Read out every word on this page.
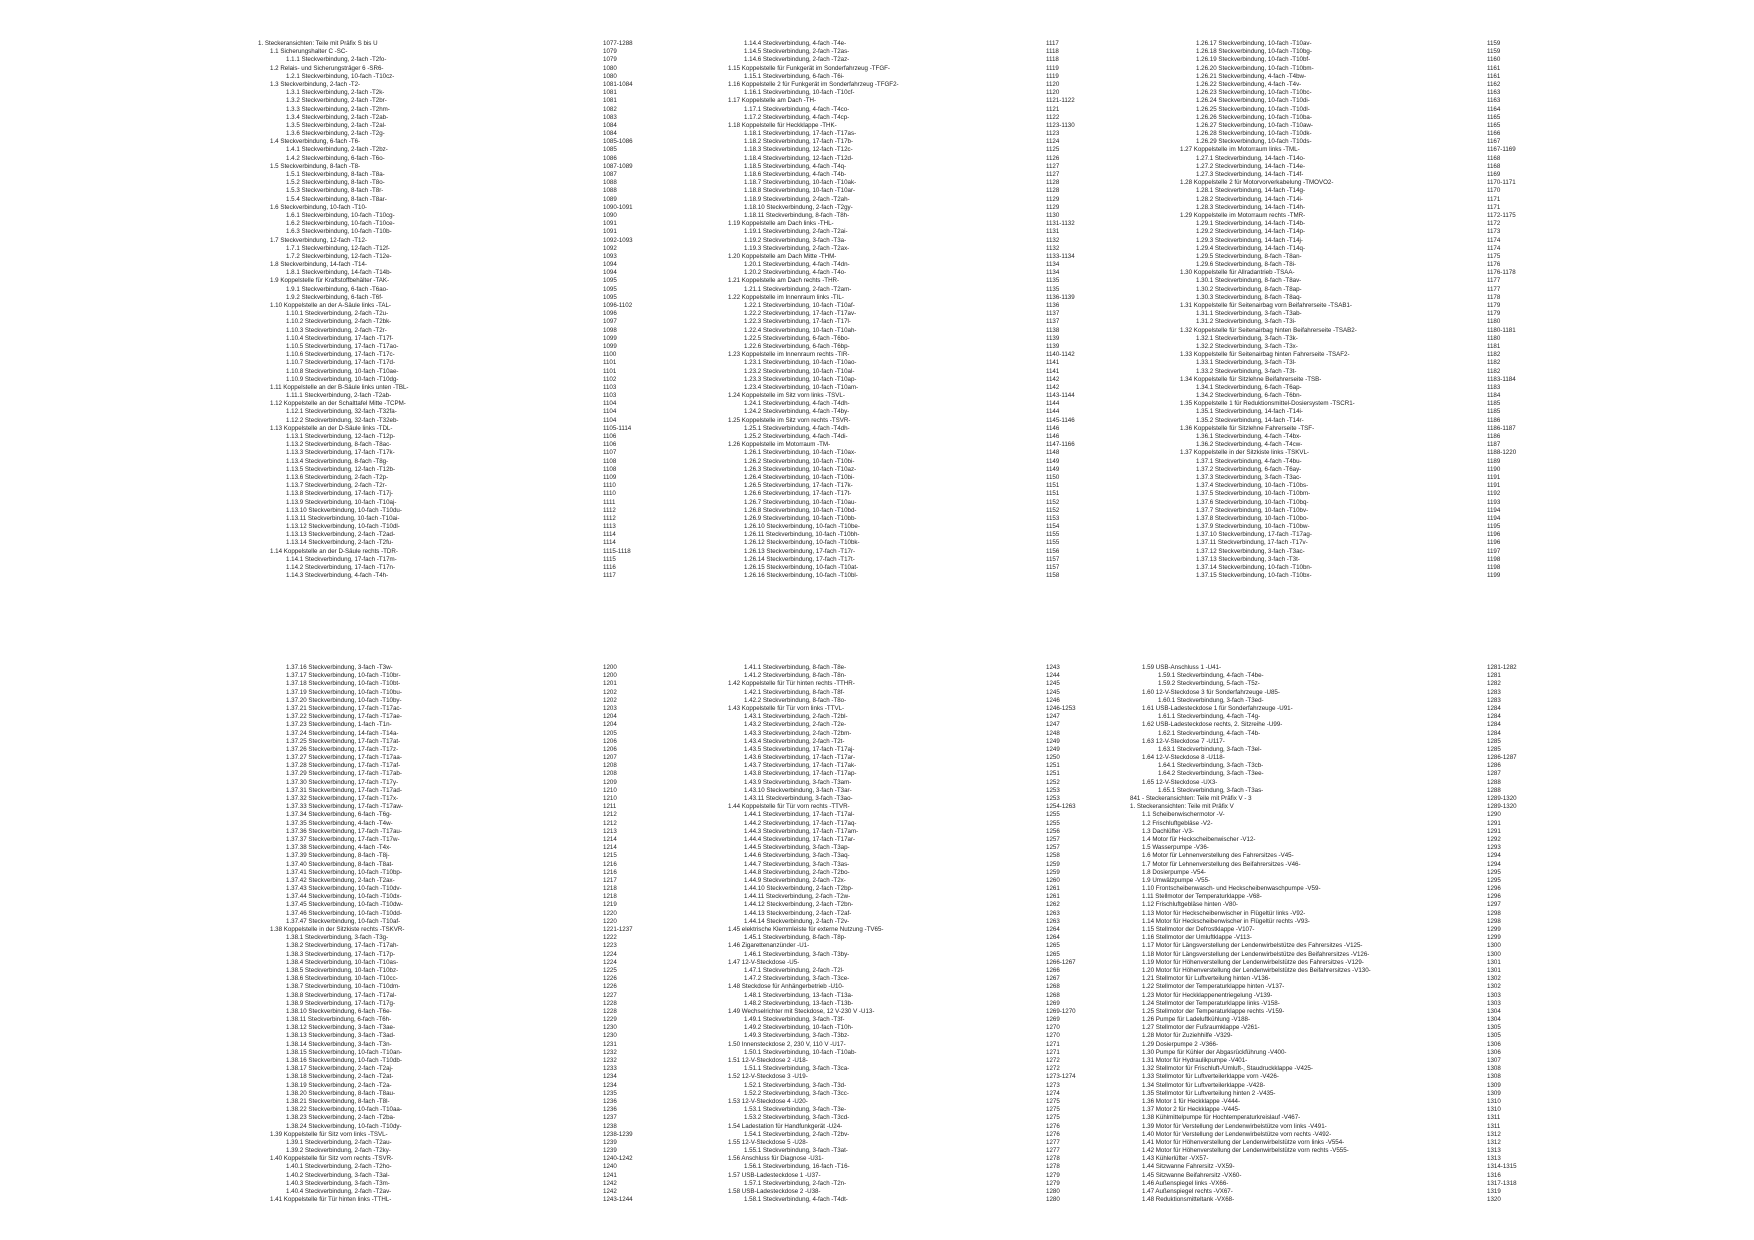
1. Steckeransichten: Teile mit Präfix S bis U	1077-1288
1.1 Sicherungshalter C -SC-	1079
1.1.1 Steckverbindung, 2-fach -T2fo-	1079
1.2 Relais- und Sicherungsträger 6 -SR6-	1080
1.2.1 Steckverbindung, 10-fach -T10cz-	1080
1.3 Steckverbindung, 2-fach -T2-	1081-1084
1.3.1 Steckverbindung, 2-fach -T2k-	1081
1.3.2 Steckverbindung, 2-fach -T2br-	1081
1.3.3 Steckverbindung, 2-fach -T2hm-	1082
1.3.4 Steckverbindung, 2-fach -T2ab-	1083
1.3.5 Steckverbindung, 2-fach -T2al-	1084
1.3.6 Steckverbindung, 2-fach -T2g-	1084
1.4 Steckverbindung, 6-fach -T6-	1085-1086
1.4.1 Steckverbindung, 2-fach -T2bz-	1085
1.4.2 Steckverbindung, 6-fach -T6o-	1086
1.5 Steckverbindung, 8-fach -T8-	1087-1089
1.5.1 Steckverbindung, 8-fach -T8a-	1087
1.5.2 Steckverbindung, 8-fach -T8o-	1088
1.5.3 Steckverbindung, 8-fach -T8r-	1088
1.5.4 Steckverbindung, 8-fach -T8ar-	1089
1.6 Steckverbindung, 10-fach -T10-	1090-1091
1.6.1 Steckverbindung, 10-fach -T10cg-	1090
1.6.2 Steckverbindung, 10-fach -T10ce-	1091
1.6.3 Steckverbindung, 10-fach -T10b-	1091
1.7 Steckverbindung, 12-fach -T12-	1092-1093
1.7.1 Steckverbindung, 12-fach -T12f-	1092
1.7.2 Steckverbindung, 12-fach -T12e-	1093
1.8 Steckverbindung, 14-fach -T14-	1094
1.8.1 Steckverbindung, 14-fach -T14b-	1094
1.9 Koppelstelle für Kraftstoffbehälter -TAK-	1095
1.9.1 Steckverbindung, 6-fach -T6ao-	1095
1.9.2 Steckverbindung, 6-fach -T6f-	1095
1.10 Koppelstelle an der A-Säule links -TAL-	1096-1102
1.10.1 Steckverbindung, 2-fach -T2u-	1096
1.10.2 Steckverbindung, 2-fach -T2bk-	1097
1.10.3 Steckverbindung, 2-fach -T2r-	1098
1.10.4 Steckverbindung, 17-fach -T17f-	1099
1.10.5 Steckverbindung, 17-fach -T17ao-	1099
1.10.6 Steckverbindung, 17-fach -T17c-	1100
1.10.7 Steckverbindung, 17-fach -T17d-	1101
1.10.8 Steckverbindung, 10-fach -T10ae-	1101
1.10.9 Steckverbindung, 10-fach -T10dg-	1102
1.11 Koppelstelle an der B-Säule links unten -TBL-	1103
1.11.1 Steckverbindung, 2-fach -T2ab-	1103
1.12 Koppelstelle an der Schalttafel Mitte -TCPM-	1104
1.12.1 Steckverbindung, 32-fach -T32fa-	1104
1.12.2 Steckverbindung, 32-fach -T32eb-	1104
1.13 Koppelstelle an der D-Säule links -TDL-	1105-1114
1.13.1 Steckverbindung, 12-fach -T12p-	1106
1.13.2 Steckverbindung, 8-fach -T8ac-	1106
1.13.3 Steckverbindung, 17-fach -T17k-	1107
1.13.4 Steckverbindung, 8-fach -T8g-	1108
1.13.5 Steckverbindung, 12-fach -T12b-	1108
1.13.6 Steckverbindung, 2-fach -T2p-	1109
1.13.7 Steckverbindung, 2-fach -T2r-	1110
1.13.8 Steckverbindung, 17-fach -T17j-	1110
1.13.9 Steckverbindung, 10-fach -T10aj-	1111
1.13.10 Steckverbindung, 10-fach -T10du-	1112
1.13.11 Steckverbindung, 10-fach -T10ai-	1112
1.13.12 Steckverbindung, 10-fach -T10dl-	1113
1.13.13 Steckverbindung, 2-fach -T2ad-	1114
1.13.14 Steckverbindung, 2-fach -T2fu-	1114
1.14 Koppelstelle an der D-Säule rechts -TDR-	1115-1118
1.14.1 Steckverbindung, 17-fach -T17m-	1115
1.14.2 Steckverbindung, 17-fach -T17n-	1116
1.14.3 Steckverbindung, 4-fach -T4h-	1117
1.14.4 Steckverbindung, 4-fach -T4e-	1117
1.14.5 Steckverbindung, 2-fach -T2as-	1118
1.14.6 Steckverbindung, 2-fach -T2az-	1118
1.15 Koppelstelle für Funkgerät im Sonderfahrzeug -TFGF-	1119
1.15.1 Steckverbindung, 6-fach -T6i-	1119
1.16 Koppelstelle 2 für Funkgerät im Sonderfahrzeug -TFGF2-	1120
1.16.1 Steckverbindung, 10-fach -T10cf-	1120
1.17 Koppelstelle am Dach -TH-	1121-1122
1.17.1 Steckverbindung, 4-fach -T4co-	1121
1.17.2 Steckverbindung, 4-fach -T4cp-	1122
1.18 Koppelstelle für Heckklappe -THK-	1123-1130
1.18.1 Steckverbindung, 17-fach -T17as-	1123
1.18.2 Steckverbindung, 17-fach -T17b-	1124
1.18.3 Steckverbindung, 12-fach -T12c-	1125
1.18.4 Steckverbindung, 12-fach -T12d-	1126
1.18.5 Steckverbindung, 4-fach -T4q-	1127
1.18.6 Steckverbindung, 4-fach -T4b-	1127
1.18.7 Steckverbindung, 10-fach -T10ak-	1128
1.18.8 Steckverbindung, 10-fach -T10ar-	1128
1.18.9 Steckverbindung, 2-fach -T2ah-	1129
1.18.10 Steckverbindung, 2-fach -T2gy-	1129
1.18.11 Steckverbindung, 8-fach -T8h-	1130
1.19 Koppelstelle am Dach links -THL-	1131-1132
1.19.1 Steckverbindung, 2-fach -T2ai-	1131
1.19.2 Steckverbindung, 3-fach -T3a-	1132
1.19.3 Steckverbindung, 2-fach -T2ax-	1132
1.20 Koppelstelle am Dach Mitte -THM-	1133-1134
1.20.1 Steckverbindung, 4-fach -T4dn-	1134
1.20.2 Steckverbindung, 4-fach -T4o-	1134
1.21 Koppelstelle am Dach rechts -THR-	1135
1.21.1 Steckverbindung, 2-fach -T2am-	1135
1.22 Koppelstelle im Innenraum links -TIL-	1136-1139
1.22.1 Steckverbindung, 10-fach -T10af-	1136
1.22.2 Steckverbindung, 17-fach -T17av-	1137
1.22.3 Steckverbindung, 17-fach -T17l-	1137
1.22.4 Steckverbindung, 10-fach -T10ah-	1138
1.22.5 Steckverbindung, 6-fach -T6bo-	1139
1.22.6 Steckverbindung, 6-fach -T6bp-	1139
1.23 Koppelstelle im Innenraum rechts -TIR-	1140-1142
1.23.1 Steckverbindung, 10-fach -T10ao-	1141
1.23.2 Steckverbindung, 10-fach -T10al-	1141
1.23.3 Steckverbindung, 10-fach -T10ap-	1142
1.23.4 Steckverbindung, 10-fach -T10am-	1142
1.24 Koppelstelle im Sitz vorn links -TSVL-	1143-1144
1.24.1 Steckverbindung, 4-fach -T4dh-	1144
1.24.2 Steckverbindung, 4-fach -T4by-	1144
1.25 Koppelstelle im Sitz vorn rechts -TSVR-	1145-1146
1.25.1 Steckverbindung, 4-fach -T4dh-	1146
1.25.2 Steckverbindung, 4-fach -T4di-	1146
1.26 Koppelstelle im Motorraum -TM-	1147-1166
1.26.1 Steckverbindung, 10-fach -T10ax-	1148
1.26.2 Steckverbindung, 10-fach -T10bi-	1149
1.26.3 Steckverbindung, 10-fach -T10az-	1149
1.26.4 Steckverbindung, 10-fach -T10bi-	1150
1.26.5 Steckverbindung, 17-fach -T17k-	1151
1.26.6 Steckverbindung, 17-fach -T17t-	1151
1.26.7 Steckverbindung, 10-fach -T10au-	1152
1.26.8 Steckverbindung, 10-fach -T10bd-	1152
1.26.9 Steckverbindung, 10-fach -T10bb-	1153
1.26.10 Steckverbindung, 10-fach -T10be-	1154
1.26.11 Steckverbindung, 10-fach -T10bh-	1155
1.26.12 Steckverbindung, 10-fach -T10bk-	1155
1.26.13 Steckverbindung, 17-fach -T17r-	1156
1.26.14 Steckverbindung, 17-fach -T17t-	1157
1.26.15 Steckverbindung, 10-fach -T10at-	1157
1.26.16 Steckverbindung, 10-fach -T10bl-	1158
1.26.17 Steckverbindung, 10-fach -T10av-	1159
1.26.18 Steckverbindung, 10-fach -T10bg-	1159
1.26.19 Steckverbindung, 10-fach -T10bf-	1160
1.26.20 Steckverbindung, 10-fach -T10bm-	1161
1.26.21 Steckverbindung, 4-fach -T4bw-	1161
1.26.22 Steckverbindung, 4-fach -T4v-	1162
1.26.23 Steckverbindung, 10-fach -T10bc-	1163
1.26.24 Steckverbindung, 10-fach -T10di-	1163
1.26.25 Steckverbindung, 10-fach -T10dl-	1164
1.26.26 Steckverbindung, 10-fach -T10ba-	1165
1.26.27 Steckverbindung, 10-fach -T10aw-	1165
1.26.28 Steckverbindung, 10-fach -T10dk-	1166
1.26.29 Steckverbindung, 10-fach -T10ds-	1167
1.27 Koppelstelle im Motorraum links -TML-	1167-1169
1.27.1 Steckverbindung, 14-fach -T14o-	1168
1.27.2 Steckverbindung, 14-fach -T14e-	1168
1.27.3 Steckverbindung, 14-fach -T14f-	1169
1.28 Koppelstelle 2 für Motorvorverkabelung -TMOVO2-	1170-1171
1.28.1 Steckverbindung, 14-fach -T14g-	1170
1.28.2 Steckverbindung, 14-fach -T14i-	1171
1.28.3 Steckverbindung, 14-fach -T14h-	1171
1.29 Koppelstelle im Motorraum rechts -TMR-	1172-1175
1.29.1 Steckverbindung, 14-fach -T14b-	1172
1.29.2 Steckverbindung, 14-fach -T14p-	1173
1.29.3 Steckverbindung, 14-fach -T14j-	1174
1.29.4 Steckverbindung, 14-fach -T14q-	1174
1.29.5 Steckverbindung, 8-fach -T8an-	1175
1.29.6 Steckverbindung, 8-fach -T8i-	1176
1.30 Koppelstelle für Allradantrieb -TSAA-	1176-1178
1.30.1 Steckverbindung, 8-fach -T8av-	1177
1.30.2 Steckverbindung, 8-fach -T8ap-	1177
1.30.3 Steckverbindung, 8-fach -T8aq-	1178
1.31 Koppelstelle für Seitenairbag vorn Beifahrerseite -TSAB1-	1179
1.31.1 Steckverbindung, 3-fach -T3ab-	1179
1.31.2 Steckverbindung, 3-fach -T3i-	1180
1.32 Koppelstelle für Seitenairbag hinten Beifahrerseite -TSAB2-	1180-1181
1.32.1 Steckverbindung, 3-fach -T3k-	1180
1.32.2 Steckverbindung, 3-fach -T3x-	1181
1.33 Koppelstelle für Seitenairbag hinten Fahrerseite -TSAF2-	1182
1.33.1 Steckverbindung, 3-fach -T3l-	1182
1.33.2 Steckverbindung, 3-fach -T3t-	1182
1.34 Koppelstelle für Sitzlehne Beifahrerseite -TSB-	1183-1184
1.34.1 Steckverbindung, 6-fach -T6ap-	1183
1.34.2 Steckverbindung, 6-fach -T6bn-	1184
1.35 Koppelstelle 1 für Reduktionsmittel-Dosiersystem -TSCR1-	1185
1.35.1 Steckverbindung, 14-fach -T14i-	1185
1.35.2 Steckverbindung, 14-fach -T14r-	1186
1.36 Koppelstelle für Sitzlehne Fahrerseite -TSF-	1186-1187
1.36.1 Steckverbindung, 4-fach -T4bx-	1186
1.36.2 Steckverbindung, 4-fach -T4cw-	1187
1.37 Koppelstelle in der Sitzkiste links -TSKVL-	1188-1220
1.37.1 Steckverbindung, 4-fach -T4bu-	1189
1.37.2 Steckverbindung, 6-fach -T6ay-	1190
1.37.3 Steckverbindung, 3-fach -T3ac-	1191
1.37.4 Steckverbindung, 10-fach -T10bs-	1191
1.37.5 Steckverbindung, 10-fach -T10bm-	1192
1.37.6 Steckverbindung, 10-fach -T10bq-	1193
1.37.7 Steckverbindung, 10-fach -T10bv-	1194
1.37.8 Steckverbindung, 10-fach -T10bo-	1194
1.37.9 Steckverbindung, 10-fach -T10bw-	1195
1.37.10 Steckverbindung, 17-fach -T17ag-	1196
1.37.11 Steckverbindung, 17-fach -T17v-	1196
1.37.12 Steckverbindung, 3-fach -T3ac-	1197
1.37.13 Steckverbindung, 3-fach -T3t-	1198
1.37.14 Steckverbindung, 10-fach -T10bn-	1198
1.37.15 Steckverbindung, 10-fach -T10bx-	1199
1.37.16 Steckverbindung, 3-fach -T3w-	1200
1.37.17 Steckverbindung, 10-fach -T10br-	1200
1.37.18 Steckverbindung, 10-fach -T10bt-	1201
1.37.19 Steckverbindung, 10-fach -T10bu-	1202
1.37.20 Steckverbindung, 10-fach -T10by-	1202
1.37.21 Steckverbindung, 17-fach -T17ac-	1203
1.37.22 Steckverbindung, 17-fach -T17ae-	1204
1.37.23 Steckverbindung, 1-fach -T1n-	1204
1.37.24 Steckverbindung, 14-fach -T14a-	1205
1.37.25 Steckverbindung, 17-fach -T17at-	1206
1.37.26 Steckverbindung, 17-fach -T17z-	1206
1.37.27 Steckverbindung, 17-fach -T17aa-	1207
1.37.28 Steckverbindung, 17-fach -T17af-	1208
1.37.29 Steckverbindung, 17-fach -T17ab-	1208
1.37.30 Steckverbindung, 17-fach -T17y-	1209
1.37.31 Steckverbindung, 17-fach -T17ad-	1210
1.37.32 Steckverbindung, 17-fach -T17x-	1210
1.37.33 Steckverbindung, 17-fach -T17aw-	1211
1.37.34 Steckverbindung, 6-fach -T6g-	1212
1.37.35 Steckverbindung, 4-fach -T4w-	1212
1.37.36 Steckverbindung, 17-fach -T17au-	1213
1.37.37 Steckverbindung, 17-fach -T17w-	1214
1.37.38 Steckverbindung, 4-fach -T4x-	1214
1.37.39 Steckverbindung, 8-fach -T8j-	1215
1.37.40 Steckverbindung, 8-fach -T8at-	1216
1.37.41 Steckverbindung, 10-fach -T10bp-	1216
1.37.42 Steckverbindung, 2-fach -T2ax-	1217
1.37.43 Steckverbindung, 10-fach -T10dv-	1218
1.37.44 Steckverbindung, 10-fach -T10dx-	1218
1.37.45 Steckverbindung, 10-fach -T10dw-	1219
1.37.46 Steckverbindung, 10-fach -T10dd-	1220
1.37.47 Steckverbindung, 10-fach -T10af-	1220
1.38 Koppelstelle in der Sitzkiste rechts -TSKVR-	1221-1237
1.38.1 Steckverbindung, 3-fach -T3g-	1222
1.38.2 Steckverbindung, 17-fach -T17ah-	1223
1.38.3 Steckverbindung, 17-fach -T17p-	1224
1.38.4 Steckverbindung, 10-fach -T10as-	1224
1.38.5 Steckverbindung, 10-fach -T10bz-	1225
1.38.6 Steckverbindung, 10-fach -T10cc-	1226
1.38.7 Steckverbindung, 10-fach -T10dm-	1226
1.38.8 Steckverbindung, 17-fach -T17al-	1227
1.38.9 Steckverbindung, 17-fach -T17g-	1228
1.38.10 Steckverbindung, 6-fach -T6e-	1228
1.38.11 Steckverbindung, 6-fach -T6h-	1229
1.38.12 Steckverbindung, 3-fach -T3ae-	1230
1.38.13 Steckverbindung, 3-fach -T3ad-	1230
1.38.14 Steckverbindung, 3-fach -T3n-	1231
1.38.15 Steckverbindung, 10-fach -T10an-	1232
1.38.16 Steckverbindung, 10-fach -T10db-	1232
1.38.17 Steckverbindung, 2-fach -T2aj-	1233
1.38.18 Steckverbindung, 2-fach -T2at-	1234
1.38.19 Steckverbindung, 2-fach -T2a-	1234
1.38.20 Steckverbindung, 8-fach -T8au-	1235
1.38.21 Steckverbindung, 8-fach -T8l-	1236
1.38.22 Steckverbindung, 10-fach -T10aa-	1236
1.38.23 Steckverbindung, 2-fach -T2ba-	1237
1.38.24 Steckverbindung, 10-fach -T10dy-	1238
1.39 Koppelstelle für Sitz vorn links -TSVL-	1238-1239
1.39.1 Steckverbindung, 2-fach -T2au-	1239
1.39.2 Steckverbindung, 2-fach -T2ky-	1239
1.40 Koppelstelle für Sitz vorn rechts -TSVR-	1240-1242
1.40.1 Steckverbindung, 2-fach -T2ho-	1240
1.40.2 Steckverbindung, 3-fach -T3al-	1241
1.40.3 Steckverbindung, 3-fach -T3m-	1242
1.40.4 Steckverbindung, 2-fach -T2av-	1242
1.41 Koppelstelle für Tür hinten links -TTHL-	1243-1244
1.41.1 Steckverbindung, 8-fach -T8e-	1243
1.41.2 Steckverbindung, 8-fach -T8n-	1244
1.42 Koppelstelle für Tür hinten rechts -TTHR-	1245
1.42.1 Steckverbindung, 8-fach -T8f-	1245
1.42.2 Steckverbindung, 8-fach -T8o-	1246
1.43 Koppelstelle für Tür vorn links -TTVL-	1246-1253
1.43.1 Steckverbindung, 2-fach -T2bl-	1247
1.43.2 Steckverbindung, 2-fach -T2e-	1247
1.43.3 Steckverbindung, 2-fach -T2bm-	1248
1.43.4 Steckverbindung, 2-fach -T2t-	1249
1.43.5 Steckverbindung, 17-fach -T17aj-	1249
1.43.6 Steckverbindung, 17-fach -T17ar-	1250
1.43.7 Steckverbindung, 17-fach -T17ak-	1251
1.43.8 Steckverbindung, 17-fach -T17ap-	1251
1.43.9 Steckverbindung, 3-fach -T3am-	1252
1.43.10 Steckverbindung, 3-fach -T3ar-	1253
1.43.11 Steckverbindung, 3-fach -T3ao-	1253
1.44 Koppelstelle für Tür vorn rechts -TTVR-	1254-1263
1.44.1 Steckverbindung, 17-fach -T17al-	1255
1.44.2 Steckverbindung, 17-fach -T17aq-	1255
1.44.3 Steckverbindung, 17-fach -T17am-	1256
1.44.4 Steckverbindung, 17-fach -T17ar-	1257
1.44.5 Steckverbindung, 3-fach -T3ap-	1257
1.44.6 Steckverbindung, 3-fach -T3aq-	1258
1.44.7 Steckverbindung, 3-fach -T3as-	1259
1.44.8 Steckverbindung, 2-fach -T2bo-	1259
1.44.9 Steckverbindung, 2-fach -T2x-	1260
1.44.10 Steckverbindung, 2-fach -T2bp-	1261
1.44.11 Steckverbindung, 2-fach -T2w-	1261
1.44.12 Steckverbindung, 2-fach -T2bn-	1262
1.44.13 Steckverbindung, 2-fach -T2af-	1263
1.44.14 Steckverbindung, 2-fach -T2v-	1263
1.45 elektrische Klemmleiste für externe Nutzung -TV65-	1264
1.45.1 Steckverbindung, 8-fach -T8p-	1264
1.46 Zigarettenanzünder -U1-	1265
1.46.1 Steckverbindung, 3-fach -T3by-	1265
1.47 12-V-Steckdose -U5-	1266-1267
1.47.1 Steckverbindung, 2-fach -T2l-	1266
1.47.2 Steckverbindung, 3-fach -T3ce-	1267
1.48 Steckdose für Anhängerbetrieb -U10-	1268
1.48.1 Steckverbindung, 13-fach -T13a-	1268
1.48.2 Steckverbindung, 13-fach -T13b-	1269
1.49 Wechselrichter mit Steckdose, 12 V-230 V -U13-	1269-1270
1.49.1 Steckverbindung, 3-fach -T3f-	1269
1.49.2 Steckverbindung, 10-fach -T10h-	1270
1.49.3 Steckverbindung, 3-fach -T3bz-	1270
1.50 Innensteckdose 2, 230 V, 110 V -U17-	1271
1.50.1 Steckverbindung, 10-fach -T10ab-	1271
1.51 12-V-Steckdose 2 -U18-	1272
1.51.1 Steckverbindung, 3-fach -T3ca-	1272
1.52 12-V-Steckdose 3 -U19-	1273-1274
1.52.1 Steckverbindung, 3-fach -T3d-	1273
1.52.2 Steckverbindung, 3-fach -T3cc-	1274
1.53 12-V-Steckdose 4 -U20-	1275
1.53.1 Steckverbindung, 3-fach -T3e-	1275
1.53.2 Steckverbindung, 3-fach -T3cd-	1275
1.54 Ladestation für Handfunkgerät -U24-	1276
1.54.1 Steckverbindung, 2-fach -T2bv-	1276
1.55 12-V-Steckdose 5 -U28-	1277
1.55.1 Steckverbindung, 3-fach -T3at-	1277
1.56 Anschluss für Diagnose -U31-	1278
1.56.1 Steckverbindung, 16-fach -T16-	1278
1.57 USB-Ladesteckdose 1 -U37-	1279
1.57.1 Steckverbindung, 2-fach -T2n-	1279
1.58 USB-Ladesteckdose 2 -U38-	1280
1.58.1 Steckverbindung, 4-fach -T4dt-	1280
1.59 USB-Anschluss 1 -U41-	1281-1282
1.59.1 Steckverbindung, 4-fach -T4be-	1281
1.59.2 Steckverbindung, 5-fach -T5z-	1282
1.60 12-V-Steckdose 3 für Sonderfahrzeuge -U85-	1283
1.60.1 Steckverbindung, 3-fach -T3ed-	1283
1.61 USB-Ladesteckdose 1 für Sonderfahrzeuge -U91-	1284
1.61.1 Steckverbindung, 4-fach -T4g-	1284
1.62 USB-Ladesteckdose rechts, 2. Sitzreihe -U99-	1284
1.62.1 Steckverbindung, 4-fach -T4b-	1284
1.63 12-V-Steckdose 7 -U117-	1285
1.63.1 Steckverbindung, 3-fach -T3el-	1285
1.64 12-V-Steckdose 8 -U118-	1286-1287
1.64.1 Steckverbindung, 3-fach -T3cb-	1286
1.64.2 Steckverbindung, 3-fach -T3ee-	1287
1.65 12-V-Steckdose -UX3-	1288
1.65.1 Steckverbindung, 3-fach -T3as-	1288
841 - Steckeransichten: Teile mit Präfix V - 3	1289-1320
1. Steckeransichten: Teile mit Präfix V	1289-1320
1.1 Scheibenwischermotor -V-	1290
1.2 Frischluftgebläse -V2-	1291
1.3 Dachlüfter -V3-	1291
1.4 Motor für Heckscheibenwischer -V12-	1292
1.5 Wasserpumpe -V36-	1293
1.6 Motor für Lehnenverstellung des Fahrersitzes -V45-	1294
1.7 Motor für Lehnenverstellung des Beifahrersitzes -V46-	1294
1.8 Dosierpumpe -V54-	1295
1.9 Umwälzpumpe -V55-	1295
1.10 Frontscheibenwasch- und Heckscheibenwaschpumpe -V59-	1296
1.11 Stellmotor der Temperaturklappe -V68-	1296
1.12 Frischluftgebläse hinten -V80-	1297
1.13 Motor für Heckscheibenwischer in Flügeltür links -V92-	1298
1.14 Motor für Heckscheibenwischer in Flügeltür rechts -V93-	1298
1.15 Stellmotor der Defrostklappe -V107-	1299
1.16 Stellmotor der Umluftklappe -V113-	1299
1.17 Motor für Längsverstellung der Lendenwirbelstütze des Fahrersitzes -V125-	1300
1.18 Motor für Längsverstellung der Lendenwirbelstütze des Beifahrersitzes -V126-	1300
1.19 Motor für Höhenverstellung der Lendenwirbelstütze des Fahrersitzes -V129-	1301
1.20 Motor für Höhenverstellung der Lendenwirbelstütze des Beifahrersitzes -V130-	1301
1.21 Stellmotor für Luftverteilung hinten -V136-	1302
1.22 Stellmotor der Temperaturklappe hinten -V137-	1302
1.23 Motor für Heckklappenentriegelung -V139-	1303
1.24 Stellmotor der Temperaturklappe links -V158-	1303
1.25 Stellmotor der Temperaturklappe rechts -V159-	1304
1.26 Pumpe für Ladeluftkühlung -V188-	1304
1.27 Stellmotor der Fußraumklappe -V261-	1305
1.28 Motor für Zuziehhilfe -V329-	1305
1.29 Dosierpumpe 2 -V366-	1306
1.30 Pumpe für Kühler der Abgasrückführung -V400-	1306
1.31 Motor für Hydraulikpumpe -V401-	1307
1.32 Stellmotor für Frischluft-/Umluft-, Staudruckklappe -V425-	1308
1.33 Stellmotor für Luftverteilerklappe vorn -V426-	1308
1.34 Stellmotor für Luftverteilerklappe -V428-	1309
1.35 Stellmotor für Luftverteilung hinten 2 -V435-	1309
1.36 Motor 1 für Heckklappe -V444-	1310
1.37 Motor 2 für Heckklappe -V445-	1310
1.38 Kühlmittelpumpe für Hochtemperaturkreislauf -V467-	1311
1.39 Motor für Verstellung der Lendenwirbelstütze vorn links -V491-	1311
1.40 Motor für Verstellung der Lendenwirbelstütze vorn rechts -V492-	1312
1.41 Motor für Höhenverstellung der Lendenwirbelstütze vorn links -V554-	1312
1.42 Motor für Höhenverstellung der Lendenwirbelstütze vorn rechts -V555-	1313
1.43 Kühlerlüfter -VX57-	1313
1.44 Sitzwanne Fahrersitz -VX59-	1314-1315
1.45 Sitzwanne Beifahrersitz -VX60-	1316
1.46 Außenspiegel links -VX66-	1317-1318
1.47 Außenspiegel rechts -VX67-	1319
1.48 Reduktionsmitteltank -VX68-	1320
